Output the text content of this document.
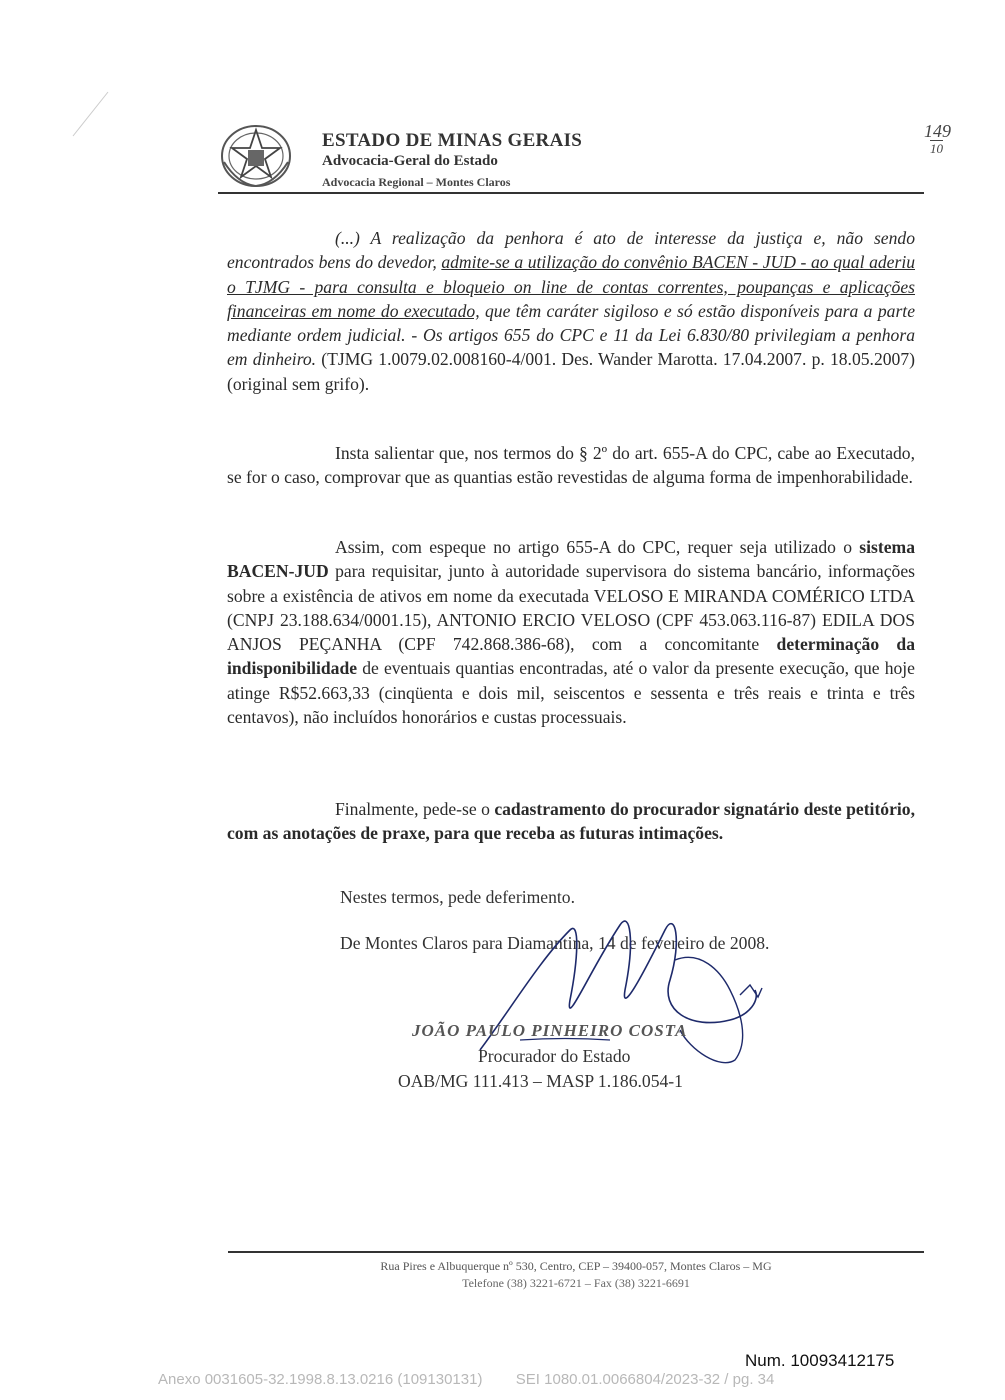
ESTADO DE MINAS GERAIS
Advocacia-Geral do Estado
Advocacia Regional – Montes Claros
149
10
(...) A realização da penhora é ato de interesse da justiça e, não sendo encontrados bens do devedor, admite-se a utilização do convênio BACEN - JUD - ao qual aderiu o TJMG - para consulta e bloqueio on line de contas correntes, poupanças e aplicações financeiras em nome do executado, que têm caráter sigiloso e só estão disponíveis para a parte mediante ordem judicial. - Os artigos 655 do CPC e 11 da Lei 6.830/80 privilegiam a penhora em dinheiro. (TJMG 1.0079.02.008160-4/001. Des. Wander Marotta. 17.04.2007. p. 18.05.2007) (original sem grifo).
Insta salientar que, nos termos do § 2º do art. 655-A do CPC, cabe ao Executado, se for o caso, comprovar que as quantias estão revestidas de alguma forma de impenhorabilidade.
Assim, com espeque no artigo 655-A do CPC, requer seja utilizado o sistema BACEN-JUD para requisitar, junto à autoridade supervisora do sistema bancário, informações sobre a existência de ativos em nome da executada VELOSO E MIRANDA COMÉRICO LTDA (CNPJ 23.188.634/0001.15), ANTONIO ERCIO VELOSO (CPF 453.063.116-87) EDILA DOS ANJOS PEÇANHA (CPF 742.868.386-68), com a concomitante determinação da indisponibilidade de eventuais quantias encontradas, até o valor da presente execução, que hoje atinge R$52.663,33 (cinqüenta e dois mil, seiscentos e sessenta e três reais e trinta e três centavos), não incluídos honorários e custas processuais.
Finalmente, pede-se o cadastramento do procurador signatário deste petitório, com as anotações de praxe, para que receba as futuras intimações.
Nestes termos, pede deferimento.
De Montes Claros para Diamantina, 14 de fevereiro de 2008.
JOÃO PAULO PINHEIRO COSTA
Procurador do Estado
OAB/MG 111.413 – MASP 1.186.054-1
Rua Pires e Albuquerque nº 530, Centro, CEP – 39400-057, Montes Claros – MG
Telefone (38) 3221-6721 – Fax (38) 3221-6691
Num. 10093412175
Anexo 0031605-32.1998.8.13.0216 (109130131)        SEI 1080.01.0066804/2023-32 / pg. 34
